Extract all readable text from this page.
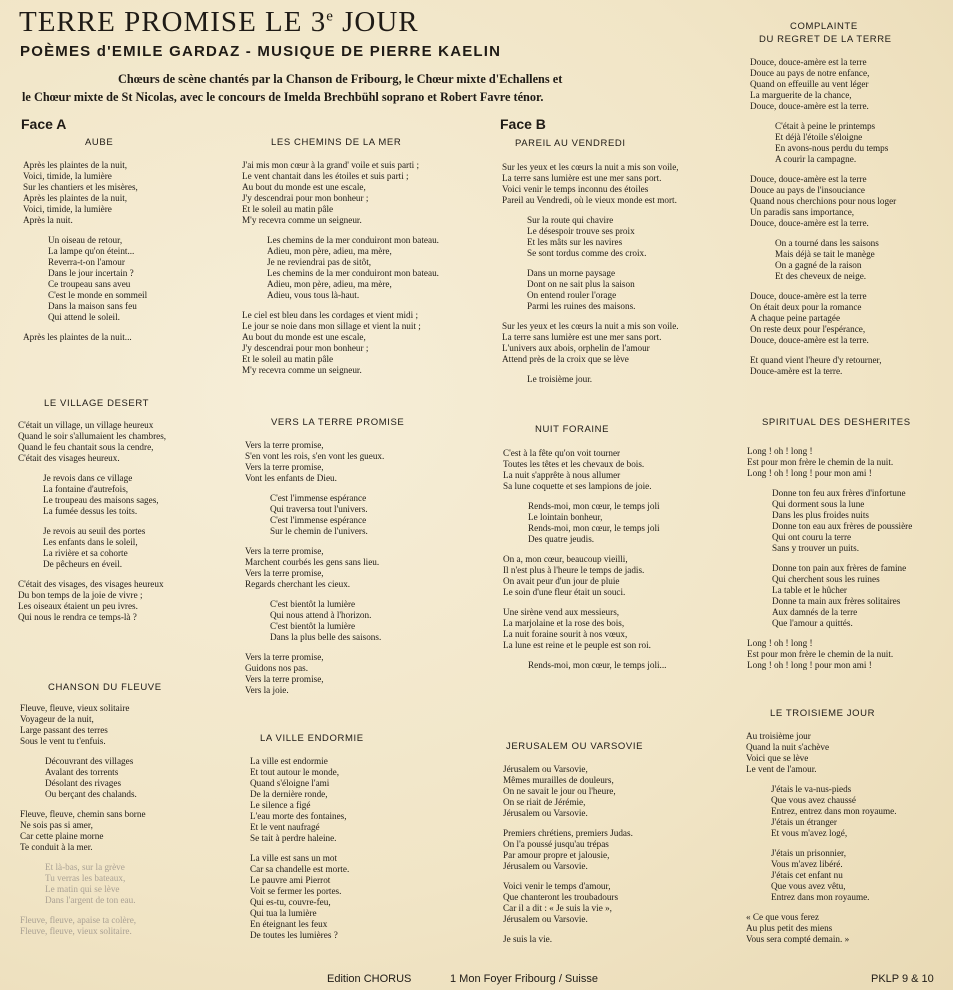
TERRE PROMISE LE 3e JOUR
POÈMES d'EMILE GARDAZ - MUSIQUE DE PIERRE KAELIN
Chœurs de scène chantés par la Chanson de Fribourg, le Chœur mixte d'Echallens et
le Chœur mixte de St Nicolas, avec le concours de Imelda Brechbühl soprano et Robert Favre ténor.
Face A	Face B
AUBE
Après les plaintes de la nuit,
Voici, timide, la lumière
Sur les chantiers et les misères,
Après les plaintes de la nuit,
Voici, timide, la lumière
Après la nuit.
Un oiseau de retour,
La lampe qu'on éteint...
Reverra-t-on l'amour
Dans le jour incertain ?
Ce troupeau sans aveu
C'est le monde en sommeil
Dans la maison sans feu
Qui attend le soleil.
Après les plaintes de la nuit...
LE VILLAGE DESERT
C'était un village, un village heureux
Quand le soir s'allumaient les chambres,
Quand le feu chantait sous la cendre,
C'était des visages heureux.
Je revois dans ce village
La fontaine d'autrefois,
Le troupeau des maisons sages,
La fumée dessus les toits.
Je revois au seuil des portes
Les enfants dans le soleil,
La rivière et sa cohorte
De pêcheurs en éveil.
C'était des visages, des visages heureux
Du bon temps de la joie de vivre ;
Les oiseaux étaient un peu ivres.
Qui nous le rendra ce temps-là ?
CHANSON DU FLEUVE
Fleuve, fleuve, vieux solitaire
Voyageur de la nuit,
Large passant des terres
Sous le vent tu t'enfuis.
Découvrant des villages
Avalant des torrents
Désolant des rivages
Ou berçant des chalands.
Fleuve, fleuve, chemin sans borne
Ne sois pas si amer,
Car cette plaine morne
Te conduit à la mer.
Et là-bas, sur la grève
Tu verras les bateaux,
Le matin qui se lève
Dans l'argent de ton eau.
Fleuve, fleuve, apaise ta colère,
Fleuve, fleuve, vieux solitaire.
LES CHEMINS DE LA MER
J'ai mis mon cœur à la grand' voile et suis parti ;
Le vent chantait dans les étoiles et suis parti ;
Au bout du monde est une escale,
J'y descendrai pour mon bonheur ;
Et le soleil au matin pâle
M'y recevra comme un seigneur.
Les chemins de la mer conduiront mon bateau.
Adieu, mon père, adieu, ma mère,
Je ne reviendrai pas de sitôt,
Les chemins de la mer conduiront mon bateau.
Adieu, mon père, adieu, ma mère,
Adieu, vous tous là-haut.
Le ciel est bleu dans les cordages et vient midi ;
Le jour se noie dans mon sillage et vient la nuit ;
Au bout du monde est une escale,
J'y descendrai pour mon bonheur ;
Et le soleil au matin pâle
M'y recevra comme un seigneur.
VERS LA TERRE PROMISE
Vers la terre promise,
S'en vont les rois, s'en vont les gueux.
Vers la terre promise,
Vont les enfants de Dieu.
C'est l'immense espérance
Qui traversa tout l'univers.
C'est l'immense espérance
Sur le chemin de l'univers.
Vers la terre promise,
Marchent courbés les gens sans lieu.
Vers la terre promise,
Regards cherchant les cieux.
C'est bientôt la lumière
Qui nous attend à l'horizon.
C'est bientôt la lumière
Dans la plus belle des saisons.
Vers la terre promise,
Guidons nos pas.
Vers la terre promise,
Vers la joie.
LA VILLE ENDORMIE
La ville est endormie
Et tout autour le monde,
Quand s'éloigne l'ami
De la dernière ronde,
Le silence a figé
L'eau morte des fontaines,
Et le vent naufragé
Se tait à perdre haleine.
La ville est sans un mot
Car sa chandelle est morte.
Le pauvre ami Pierrot
Voit se fermer les portes.
Qui es-tu, couvre-feu,
Qui tua la lumière
En éteignant les feux
De toutes les lumières ?
PAREIL AU VENDREDI
Sur les yeux et les cœurs la nuit a mis son voile,
La terre sans lumière est une mer sans port.
Voici venir le temps inconnu des étoiles
Pareil au Vendredi, où le vieux monde est mort.
Sur la route qui chavire
Le désespoir trouve ses proix
Et les mâts sur les navires
Se sont tordus comme des croix.
Dans un morne paysage
Dont on ne sait plus la saison
On entend rouler l'orage
Parmi les ruines des maisons.
Sur les yeux et les cœurs la nuit a mis son voile.
La terre sans lumière est une mer sans port.
L'univers aux abois, orphelin de l'amour
Attend près de la croix que se lève
Le troisième jour.
NUIT FORAINE
C'est à la fête qu'on voit tourner
Toutes les têtes et les chevaux de bois.
La nuit s'apprête à nous allumer
Sa lune coquette et ses lampions de joie.
Rends-moi, mon cœur, le temps joli
Le lointain bonheur,
Rends-moi, mon cœur, le temps joli
Des quatre jeudis.
On a, mon cœur, beaucoup vieilli,
Il n'est plus à l'heure le temps de jadis.
On avait peur d'un jour de pluie
Le soin d'une fleur était un souci.
Une sirène vend aux messieurs,
La marjolaine et la rose des bois,
La nuit foraine sourit à nos vœux,
La lune est reine et le peuple est son roi.
Rends-moi, mon cœur, le temps joli...
JERUSALEM OU VARSOVIE
Jérusalem ou Varsovie,
Mêmes murailles de douleurs,
On ne savait le jour ou l'heure,
On se riait de Jérémie,
Jérusalem ou Varsovie.
Premiers chrétiens, premiers Judas.
On l'a poussé jusqu'au trépas
Par amour propre et jalousie,
Jérusalem ou Varsovie.
Voici venir le temps d'amour,
Que chanteront les troubadours
Car il a dit : « Je suis la vie »,
Jérusalem ou Varsovie.
Je suis la vie.
COMPLAINTE
DU REGRET DE LA TERRE
Douce, douce-amère est la terre
Douce au pays de notre enfance,
Quand on effeuille au vent léger
La marguerite de la chance,
Douce, douce-amère est la terre.
C'était à peine le printemps
Et déjà l'étoile s'éloigne
En avons-nous perdu du temps
A courir la campagne.
Douce, douce-amère est la terre
Douce au pays de l'insouciance
Quand nous cherchions pour nous loger
Un paradis sans importance,
Douce, douce-amère est la terre.
On a tourné dans les saisons
Mais déjà se tait le manège
On a gagné de la raison
Et des cheveux de neige.
Douce, douce-amère est la terre
On était deux pour la romance
A chaque peine partagée
On reste deux pour l'espérance,
Douce, douce-amère est la terre.
Et quand vient l'heure d'y retourner,
Douce-amère est la terre.
SPIRITUAL DES DESHERITES
Long ! oh ! long !
Est pour mon frère le chemin de la nuit.
Long ! oh ! long ! pour mon ami !
Donne ton feu aux frères d'infortune
Qui dorment sous la lune
Dans les plus froides nuits
Donne ton eau aux frères de poussière
Qui ont couru la terre
Sans y trouver un puits.
Donne ton pain aux frères de famine
Qui cherchent sous les ruines
La table et le hûcher
Donne ta main aux frères solitaires
Aux damnés de la terre
Que l'amour a quittés.
Long ! oh ! long !
Est pour mon frère le chemin de la nuit.
Long ! oh ! long ! pour mon ami !
LE TROISIEME JOUR
Au troisième jour
Quand la nuit s'achève
Voici que se lève
Le vent de l'amour.
J'étais le va-nus-pieds
Que vous avez chaussé
Entrez, entrez dans mon royaume.
J'étais un étranger
Et vous m'avez logé,
J'étais un prisonnier,
Vous m'avez libéré.
J'étais cet enfant nu
Que vous avez vêtu,
Entrez dans mon royaume.
« Ce que vous ferez
Au plus petit des miens
Vous sera compté demain. »
Edition CHORUS	1 Mon Foyer Fribourg / Suisse	PKLP 9 & 10
